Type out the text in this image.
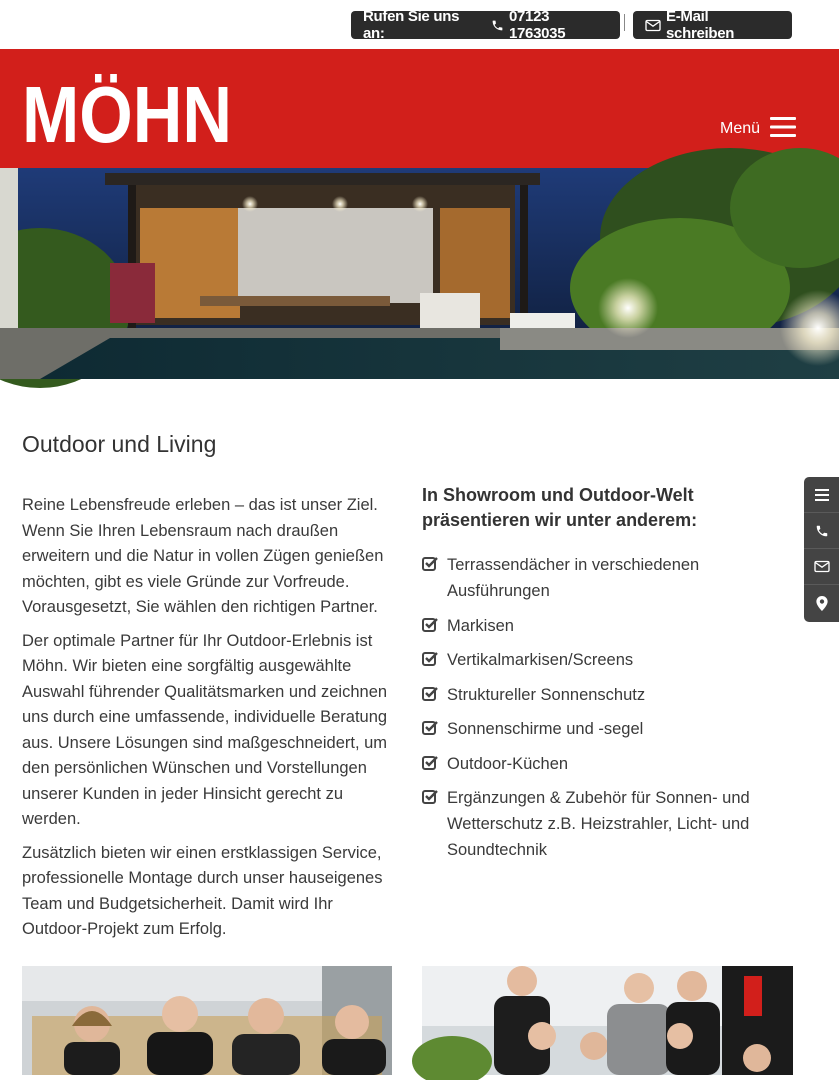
Rufen Sie uns an:
07123 1763035
E-Mail schreiben
MÖHN	Menü
Outdoor und Living

Reine Lebensfreude erleben – das ist unser Ziel. Wenn Sie Ihren Lebensraum nach draußen erweitern und die Natur in vollen Zügen genießen möchten, gibt es viele Gründe zur Vorfreude. Vorausgesetzt, Sie wählen den richtigen Partner.

Der optimale Partner für Ihr Outdoor-Erlebnis ist Möhn. Wir bieten eine sorgfältig ausgewählte Auswahl führender Qualitätsmarken und zeichnen uns durch eine umfassende, individuelle Beratung aus. Unsere Lösungen sind maßgeschneidert, um den persönlichen Wünschen und Vorstellungen unserer Kunden in jeder Hinsicht gerecht zu werden.

Zusätzlich bieten wir einen erstklassigen Service, professionelle Montage durch unser hauseigenes Team und Budgetsicherheit. Damit wird Ihr Outdoor-Projekt zum Erfolg.

In Showroom und Outdoor-Welt präsentieren wir unter anderem:
Terrassendächer in verschiedenen Ausführungen
Markisen
Vertikalmarkisen/Screens
Struktureller Sonnenschutz
Sonnenschirme und -segel
Outdoor-Küchen
Ergänzungen & Zubehör für Sonnen- und Wetterschutz z.B. Heizstrahler, Licht- und Soundtechnik
